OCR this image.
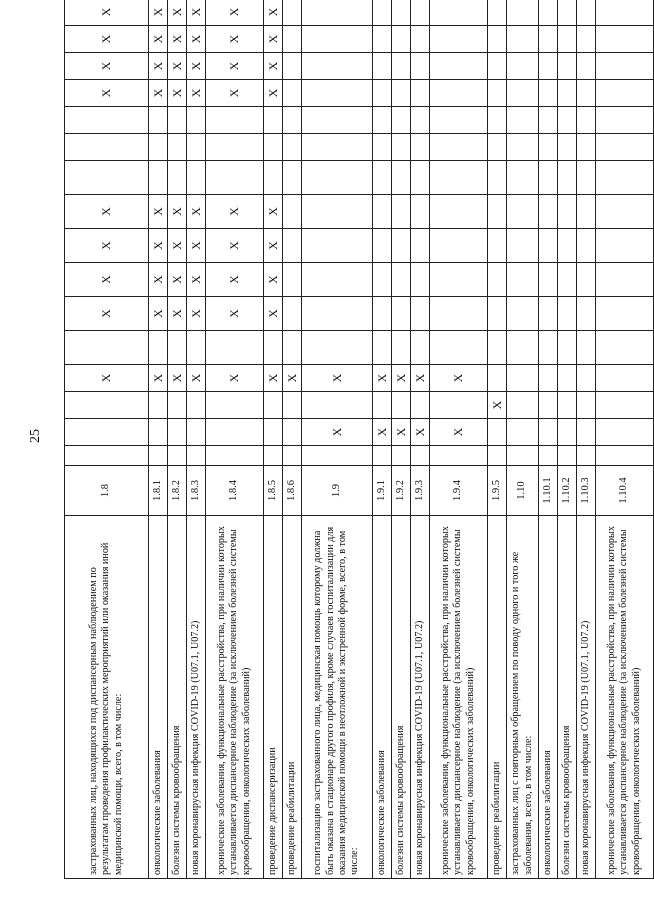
25
застрахованных лиц, находящихся под диспансерным наблюдением по результатам проведения профилактических мероприятий или оказания иной медицинской помощи, всего, в том числе:	1.8				X		X	X	X	X				X	X	X	X
онкологические заболевания	1.8.1				X		X	X	X	X				X	X	X	X
болезни системы кровообращения	1.8.2				X		X	X	X	X				X	X	X	X
новая коронавирусная инфекция COVID-19 (U07.1, U07.2)	1.8.3				X		X	X	X	X				X	X	X	X
хронические заболевания, функциональные расстройства, при наличии которых устанавливается диспансерное наблюдение (за исключением болезней системы кровообращения, онкологических заболеваний)	1.8.4				X		X	X	X	X				X	X	X	X
проведение диспансеризации	1.8.5				X		X	X	X	X				X	X	X	X
проведение реабилитации	1.8.6				X												
госпитализацию застрахованного лица, медицинская помощь которому должна быть оказана в стационаре другого профиля, кроме случаев госпитализации для оказания медицинской помощи в неотложной и экстренной форме, всего, в том числе:	1.9		X		X												
онкологические заболевания	1.9.1		X		X												
болезни системы кровообращения	1.9.2		X		X												
новая коронавирусная инфекция COVID-19 (U07.1, U07.2)	1.9.3		X		X												
хронические заболевания, функциональные расстройства, при наличии которых устанавливается диспансерное наблюдение (за исключением болезней системы кровообращения, онкологических заболеваний)	1.9.4		X		X												
проведение реабилитации	1.9.5			X													
застрахованных лиц с повторным обращением по поводу одного и того же заболевания, всего, в том числе:	1.10																
онкологические заболевания	1.10.1																
болезни системы кровообращения	1.10.2																
новая коронавирусная инфекция COVID-19 (U07.1, U07.2)	1.10.3																
хронические заболевания, функциональные расстройства, при наличии которых устанавливается диспансерное наблюдение (за исключением болезней системы кровообращения, онкологических заболеваний)	1.10.4																
